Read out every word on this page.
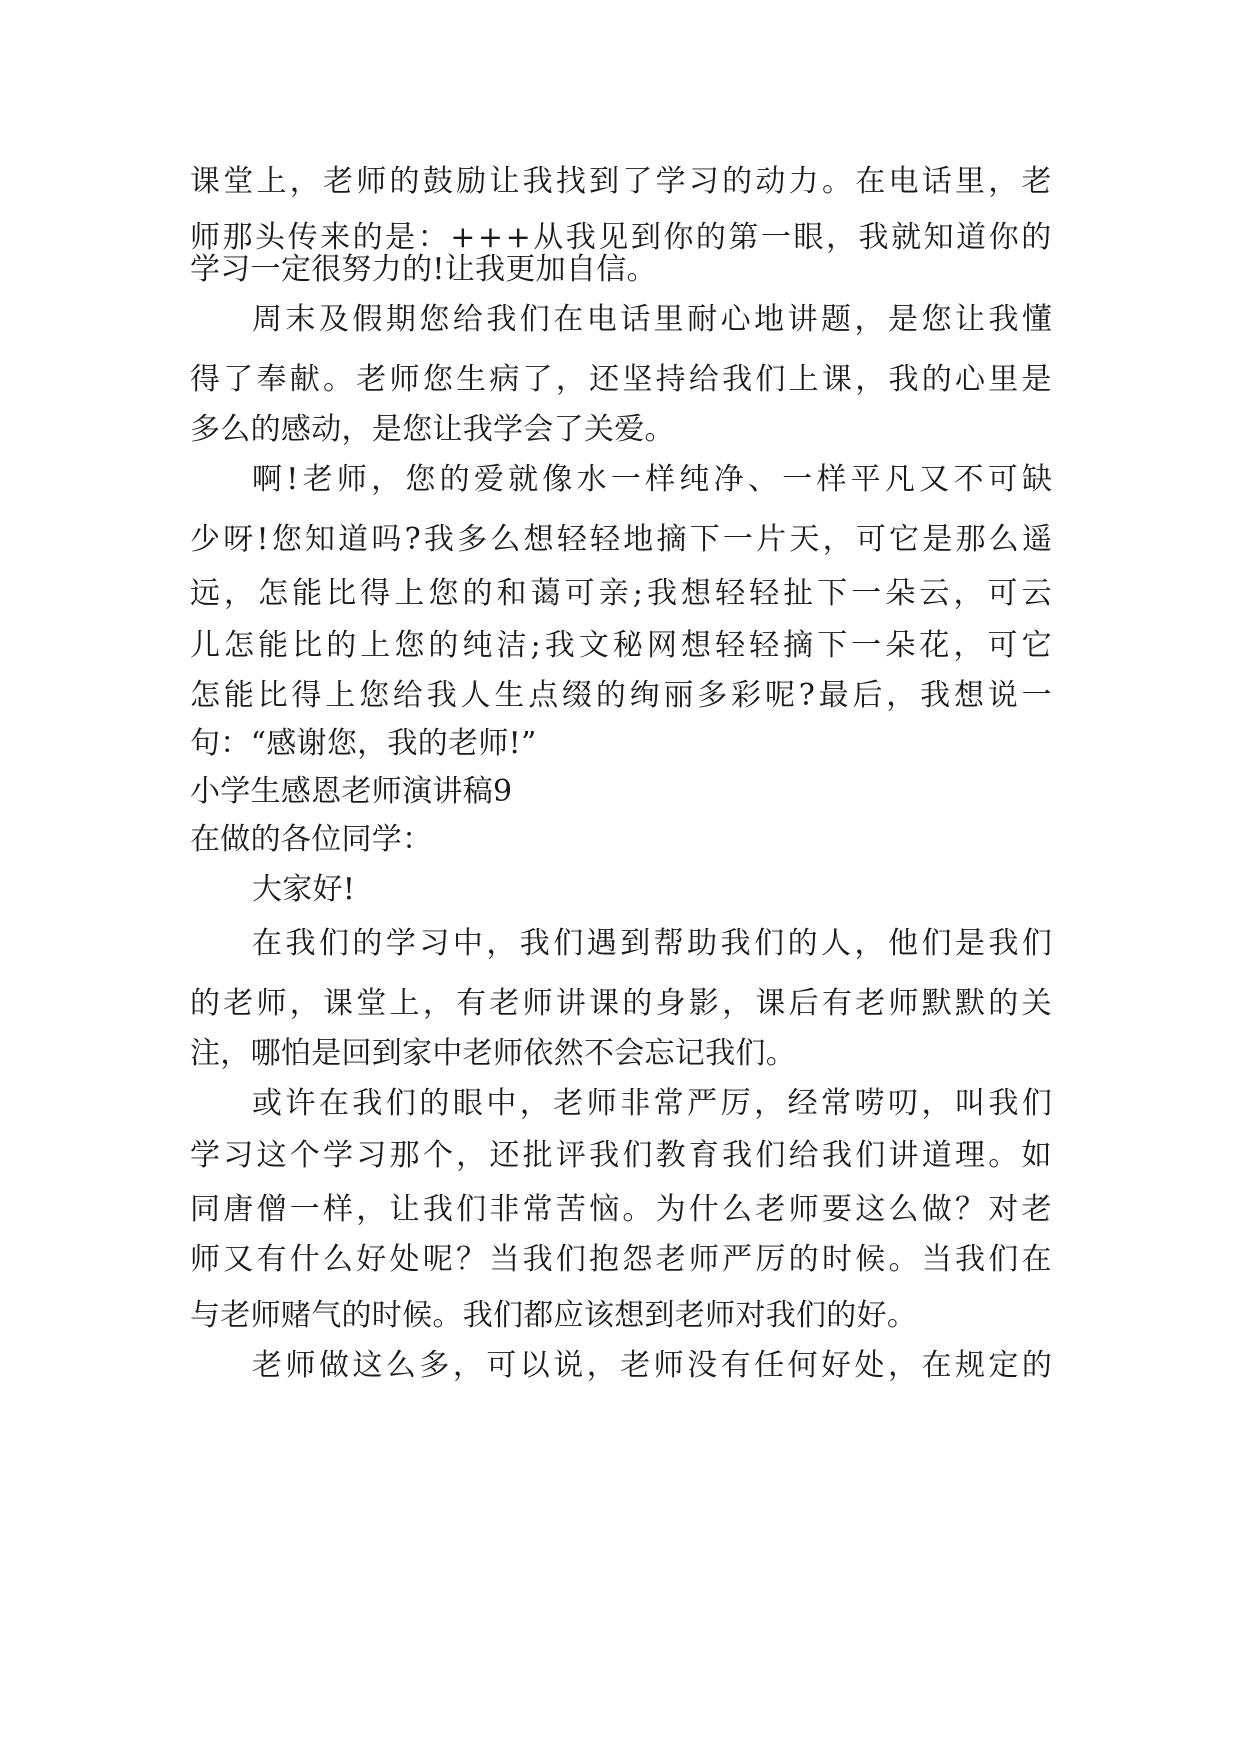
课堂上，老师的鼓励让我找到了学习的动力。在电话里，老
师那头传来的是：+++从我见到你的第一眼，我就知道你的
学习一定很努力的!让我更加自信。
周末及假期您给我们在电话里耐心地讲题，是您让我懂
得了奉献。老师您生病了，还坚持给我们上课，我的心里是
多么的感动，是您让我学会了关爱。
啊!老师，您的爱就像水一样纯净、一样平凡又不可缺
少呀!您知道吗?我多么想轻轻地摘下一片天，可它是那么遥
远，怎能比得上您的和蔼可亲;我想轻轻扯下一朵云，可云
儿怎能比的上您的纯洁;我文秘网想轻轻摘下一朵花，可它
怎能比得上您给我人生点缀的绚丽多彩呢?最后，我想说一
句：“感谢您，我的老师!”
小学生感恩老师演讲稿9
在做的各位同学：
大家好!
在我们的学习中，我们遇到帮助我们的人，他们是我们
的老师，课堂上，有老师讲课的身影，课后有老师默默的关
注，哪怕是回到家中老师依然不会忘记我们。
或许在我们的眼中，老师非常严厉，经常唠叨，叫我们
学习这个学习那个，还批评我们教育我们给我们讲道理。如
同唐僧一样，让我们非常苦恼。为什么老师要这么做？对老
师又有什么好处呢？当我们抱怨老师严厉的时候。当我们在
与老师赌气的时候。我们都应该想到老师对我们的好。
老师做这么多，可以说，老师没有任何好处，在规定的
